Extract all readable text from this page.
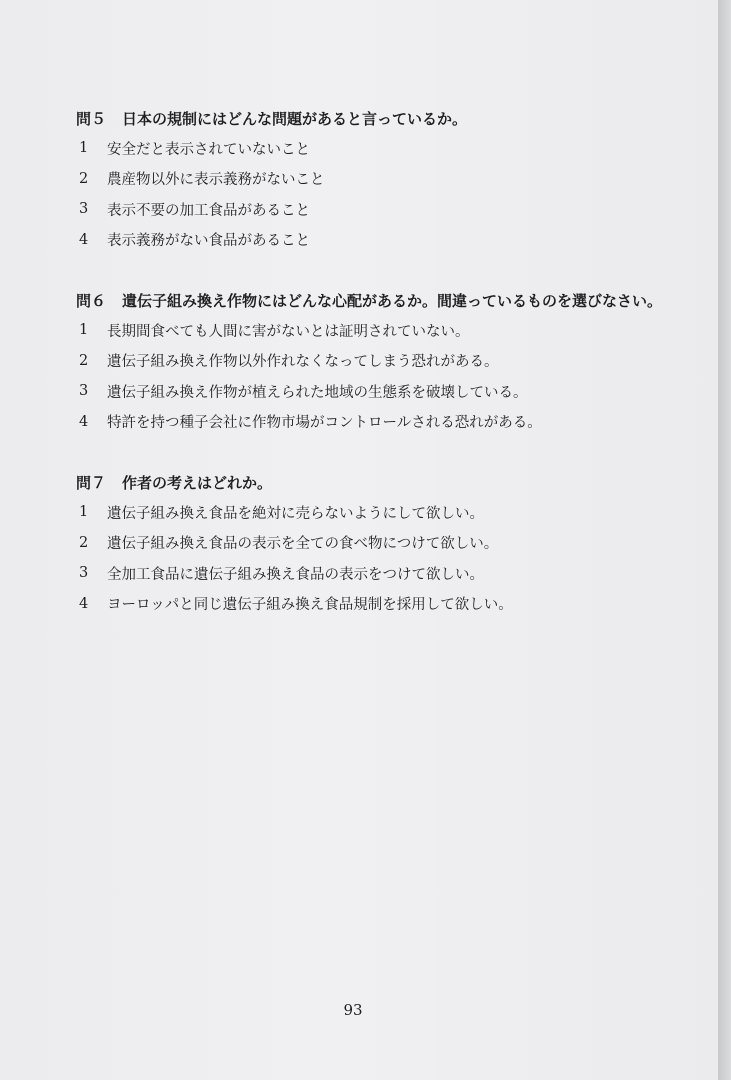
問５	日本の規制にはどんな問題があると言っているか。
1	安全だと表示されていないこと
2	農産物以外に表示義務がないこと
3	表示不要の加工食品があること
4	表示義務がない食品があること
問６	遺伝子組み換え作物にはどんな心配があるか。間違っているものを選びなさい。
1	長期間食べても人間に害がないとは証明されていない。
2	遺伝子組み換え作物以外作れなくなってしまう恐れがある。
3	遺伝子組み換え作物が植えられた地域の生態系を破壊している。
4	特許を持つ種子会社に作物市場がコントロールされる恐れがある。
問７	作者の考えはどれか。
1	遺伝子組み換え食品を絶対に売らないようにして欲しい。
2	遺伝子組み換え食品の表示を全ての食べ物につけて欲しい。
3	全加工食品に遺伝子組み換え食品の表示をつけて欲しい。
4	ヨーロッパと同じ遺伝子組み換え食品規制を採用して欲しい。
93
